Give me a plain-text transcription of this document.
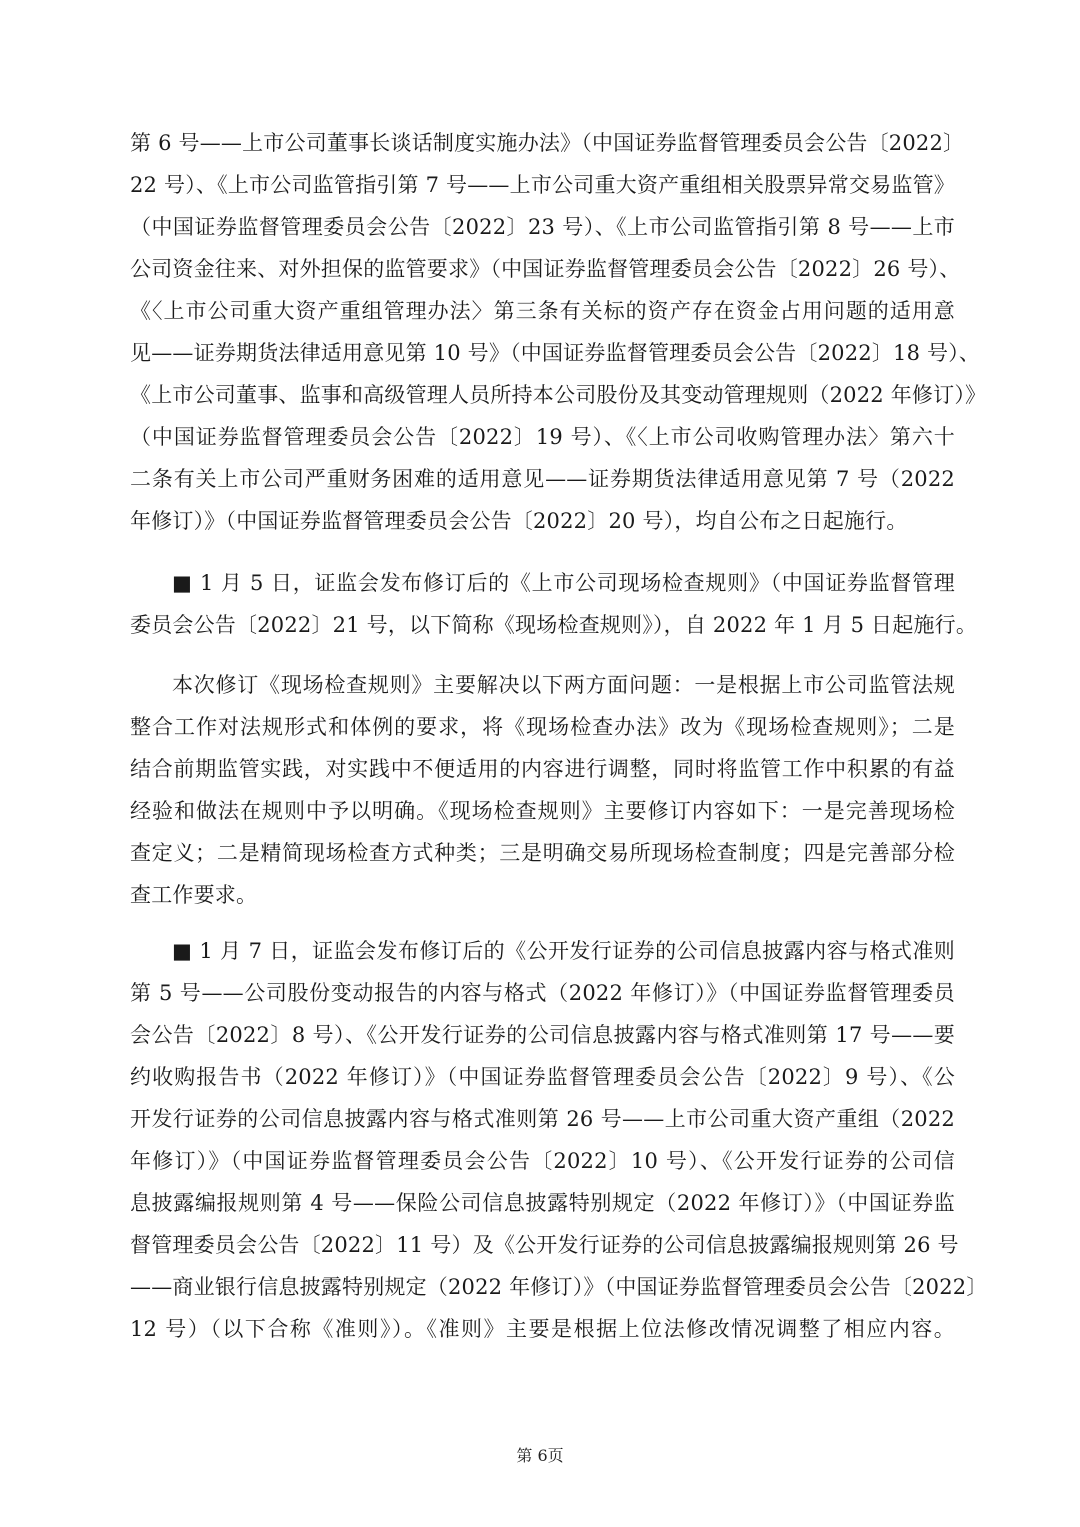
第 6 号——上市公司董事长谈话制度实施办法》（中国证券监督管理委员会公告〔2022〕
22 号）、《上市公司监管指引第 7 号——上市公司重大资产重组相关股票异常交易监管》
（中国证券监督管理委员会公告〔2022〕23 号）、《上市公司监管指引第 8 号——上市
公司资金往来、对外担保的监管要求》（中国证券监督管理委员会公告〔2022〕26 号）、
《〈上市公司重大资产重组管理办法〉第三条有关标的资产存在资金占用问题的适用意
见——证券期货法律适用意见第 10 号》（中国证券监督管理委员会公告〔2022〕18 号）、
《上市公司董事、监事和高级管理人员所持本公司股份及其变动管理规则（2022 年修订）》
（中国证券监督管理委员会公告〔2022〕19 号）、《〈上市公司收购管理办法〉第六十
二条有关上市公司严重财务困难的适用意见——证券期货法律适用意见第 7 号（2022
年修订）》（中国证券监督管理委员会公告〔2022〕20 号），均自公布之日起施行。
■ 1 月 5 日，证监会发布修订后的《上市公司现场检查规则》（中国证券监督管理
委员会公告〔2022〕21 号，以下简称《现场检查规则》），自 2022 年 1 月 5 日起施行。
本次修订《现场检查规则》主要解决以下两方面问题：一是根据上市公司监管法规
整合工作对法规形式和体例的要求，将《现场检查办法》改为《现场检查规则》；二是
结合前期监管实践，对实践中不便适用的内容进行调整，同时将监管工作中积累的有益
经验和做法在规则中予以明确。《现场检查规则》主要修订内容如下：一是完善现场检
查定义；二是精简现场检查方式种类；三是明确交易所现场检查制度；四是完善部分检
查工作要求。
■ 1 月 7 日，证监会发布修订后的《公开发行证券的公司信息披露内容与格式准则
第 5 号——公司股份变动报告的内容与格式（2022 年修订）》（中国证券监督管理委员
会公告〔2022〕8 号）、《公开发行证券的公司信息披露内容与格式准则第 17 号——要
约收购报告书（2022 年修订）》（中国证券监督管理委员会公告〔2022〕9 号）、《公
开发行证券的公司信息披露内容与格式准则第 26 号——上市公司重大资产重组（2022
年修订）》（中国证券监督管理委员会公告〔2022〕10 号）、《公开发行证券的公司信
息披露编报规则第 4 号——保险公司信息披露特别规定（2022 年修订）》（中国证券监
督管理委员会公告〔2022〕11 号）及《公开发行证券的公司信息披露编报规则第 26 号
——商业银行信息披露特别规定（2022 年修订）》（中国证券监督管理委员会公告〔2022〕
12 号）（以下合称《准则》）。《准则》主要是根据上位法修改情况调整了相应内容。
第 6页
